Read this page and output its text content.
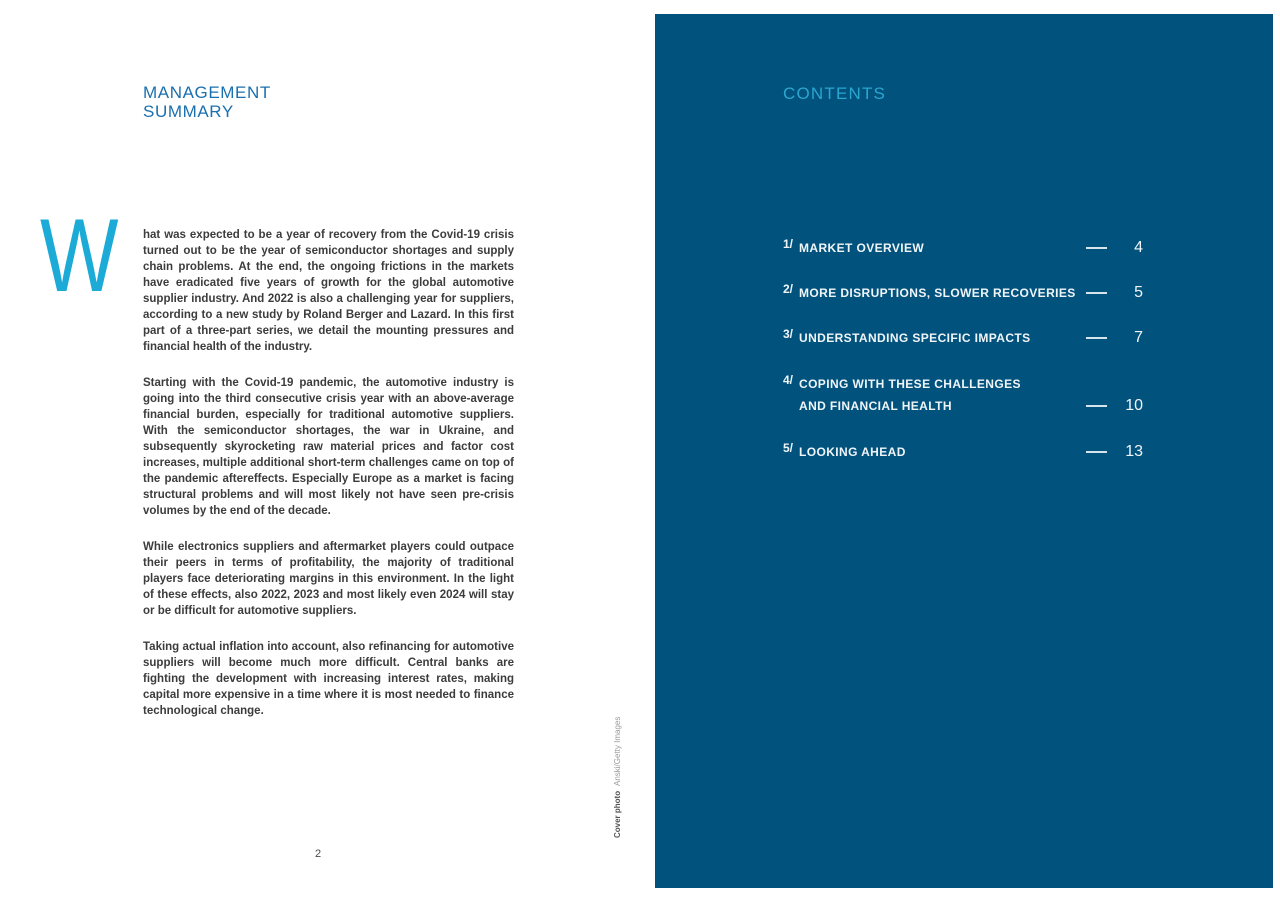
MANAGEMENT
SUMMARY
W hat was expected to be a year of recovery from the Covid-19 crisis turned out to be the year of semiconductor shortages and supply chain problems. At the end, the ongoing frictions in the markets have eradicated five years of growth for the global automotive supplier industry. And 2022 is also a challenging year for suppliers, according to a new study by Roland Berger and Lazard. In this first part of a three-part series, we detail the mounting pressures and financial health of the industry.

Starting with the Covid-19 pandemic, the automotive industry is going into the third consecutive crisis year with an above-average financial burden, especially for traditional automotive suppliers. With the semiconductor shortages, the war in Ukraine, and subsequently skyrocketing raw material prices and factor cost increases, multiple additional short-term challenges came on top of the pandemic aftereffects. Especially Europe as a market is facing structural problems and will most likely not have seen pre-crisis volumes by the end of the decade.

While electronics suppliers and aftermarket players could outpace their peers in terms of profitability, the majority of traditional players face deteriorating margins in this environment. In the light of these effects, also 2022, 2023 and most likely even 2024 will stay or be difficult for automotive suppliers.

Taking actual inflation into account, also refinancing for automotive suppliers will become much more difficult. Central banks are fighting the development with increasing interest rates, making capital more expensive in a time where it is most needed to finance technological change.

Cover photo Anski/Getty Images
2
CONTENTS
1/ MARKET OVERVIEW	4
2/ MORE DISRUPTIONS, SLOWER RECOVERIES	5
3/ UNDERSTANDING SPECIFIC IMPACTS	7
4/ COPING WITH THESE CHALLENGES
AND FINANCIAL HEALTH	10
5/ LOOKING AHEAD	13
